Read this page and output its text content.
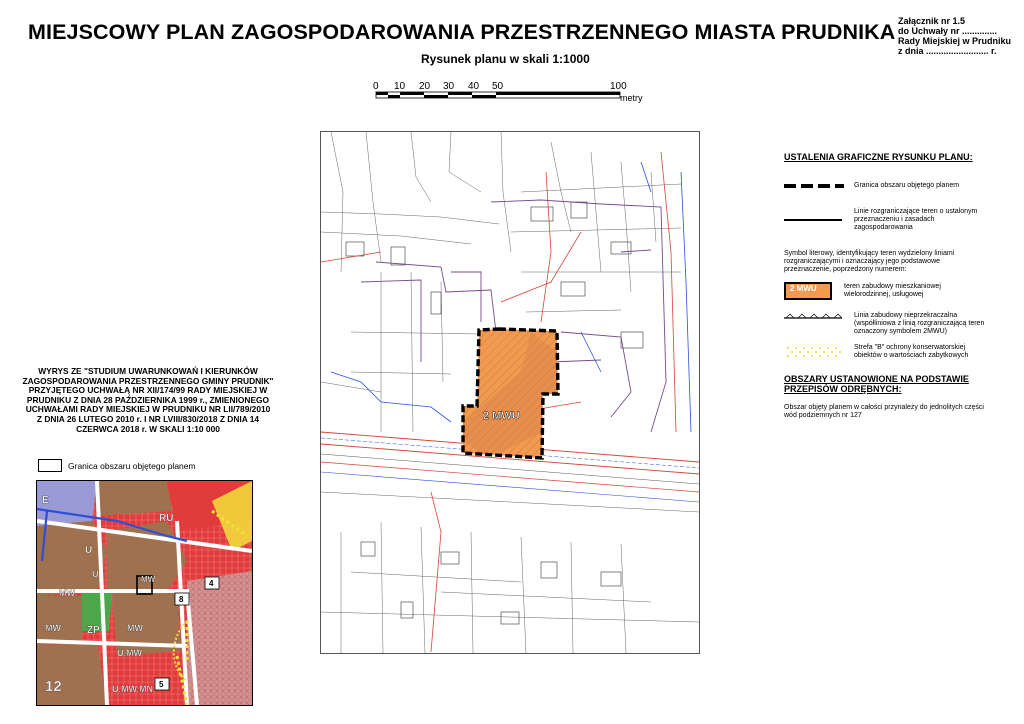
MIEJSCOWY PLAN ZAGOSPODAROWANIA PRZESTRZENNEGO MIASTA PRUDNIKA
Rysunek planu w skali 1:1000
Załącznik nr 1.5
do Uchwały nr ..............
Rady Miejskiej w Prudniku
z dnia ......................... r.
0 10 20 30 40 50	100
metry
2 MWU
USTALENIA GRAFICZNE RYSUNKU PLANU:
Granica obszaru objętego planem
Linie rozgraniczające teren o ustalonym przeznaczeniu i zasadach zagospodarowania
Symbol literowy, identyfikujący teren wydzielony liniami rozgraniczającymi i oznaczający jego podstawowe przeznaczenie, poprzedzony numerem:
2 MWU	teren zabudowy mieszkaniowej wielorodzinnej, usługowej
Linia zabudowy nieprzekraczalna (współliniowa z linią rozgraniczającą teren oznaczony symbolem 2MWU)
Strefa "B" ochrony konserwatorskiej obiektów o wartościach zabytkowych
OBSZARY USTANOWIONE NA PODSTAWIE PRZEPISÓW ODRĘBNYCH:
Obszar objęty planem w całości przynależy do jednolitych części wód podziemnych nr 127
WYRYS ZE "STUDIUM UWARUNKOWAŃ I KIERUNKÓW ZAGOSPODAROWANIA PRZESTRZENNEGO GMINY PRUDNIK" PRZYJĘTEGO UCHWAŁĄ NR XII/174/99 RADY MIEJSKIEJ W PRUDNIKU Z DNIA 28 PAŹDZIERNIKA 1999 r., ZMIENIONEGO UCHWAŁAMI RADY MIEJSKIEJ W PRUDNIKU NR LII/789/2010 Z DNIA 26 LUTEGO 2010 r. I NR LVIII/830/2018 Z DNIA 14 CZERWCA 2018 r. W SKALI 1:10 000
Granica obszaru objętego planem
E
RU
U
MW
MW
U
MW	ZP	MW
U,MW
12	U,MW,MN
4
8
5
